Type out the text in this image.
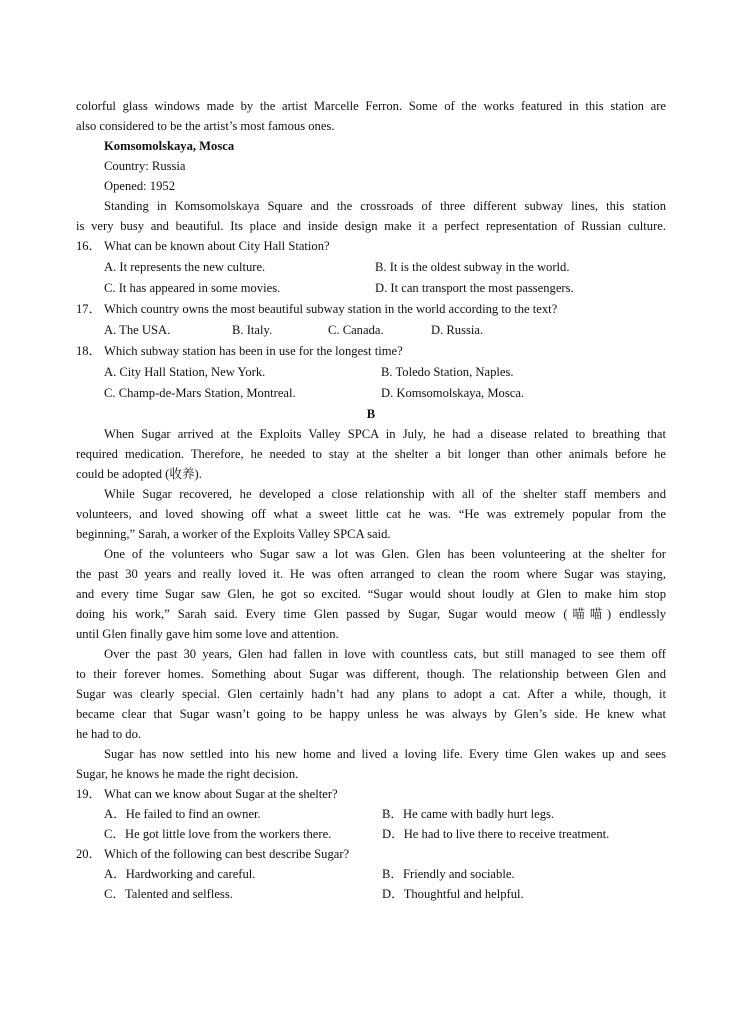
colorful glass windows made by the artist Marcelle Ferron. Some of the works featured in this station are
also considered to be the artist’s most famous ones.
Komsomolskaya, Mosca
Country: Russia
Opened: 1952
Standing in Komsomolskaya Square and the crossroads of three different subway lines, this station
is very busy and beautiful. Its place and inside design make it a perfect representation of Russian culture.
16． What can be known about City Hall Station?
A. It represents the new culture.	B. It is the oldest subway in the world.
C. It has appeared in some movies.	D. It can transport the most passengers.
17． Which country owns the most beautiful subway station in the world according to the text?
A. The USA.	B. Italy.	C. Canada.	D. Russia.
18． Which subway station has been in use for the longest time?
A. City Hall Station, New York.	B. Toledo Station, Naples.
C. Champ-de-Mars Station, Montreal.	D. Komsomolskaya, Mosca.
B
When Sugar arrived at the Exploits Valley SPCA in July, he had a disease related to breathing that
required medication. Therefore, he needed to stay at the shelter a bit longer than other animals before he
could be adopted (收养).
While Sugar recovered, he developed a close relationship with all of the shelter staff members and
volunteers, and loved showing off what a sweet little cat he was. “He was extremely popular from the
beginning,” Sarah, a worker of the Exploits Valley SPCA said.
One of the volunteers who Sugar saw a lot was Glen. Glen has been volunteering at the shelter for
the past 30 years and really loved it. He was often arranged to clean the room where Sugar was staying,
and every time Sugar saw Glen, he got so excited. “Sugar would shout loudly at Glen to make him stop
doing his work,” Sarah said. Every time Glen passed by Sugar, Sugar would meow (喵喵) endlessly
until Glen finally gave him some love and attention.
Over the past 30 years, Glen had fallen in love with countless cats, but still managed to see them off
to their forever homes. Something about Sugar was different, though. The relationship between Glen and
Sugar was clearly special. Glen certainly hadn’t had any plans to adopt a cat. After a while, though, it
became clear that Sugar wasn’t going to be happy unless he was always by Glen’s side. He knew what
he had to do.
Sugar has now settled into his new home and lived a loving life. Every time Glen wakes up and sees
Sugar, he knows he made the right decision.
19． What can we know about Sugar at the shelter?
A．He failed to find an owner.	B．He came with badly hurt legs.
C．He got little love from the workers there.	D．He had to live there to receive treatment.
20． Which of the following can best describe Sugar?
A．Hardworking and careful.	B．Friendly and sociable.
C．Talented and selfless.	D．Thoughtful and helpful.
